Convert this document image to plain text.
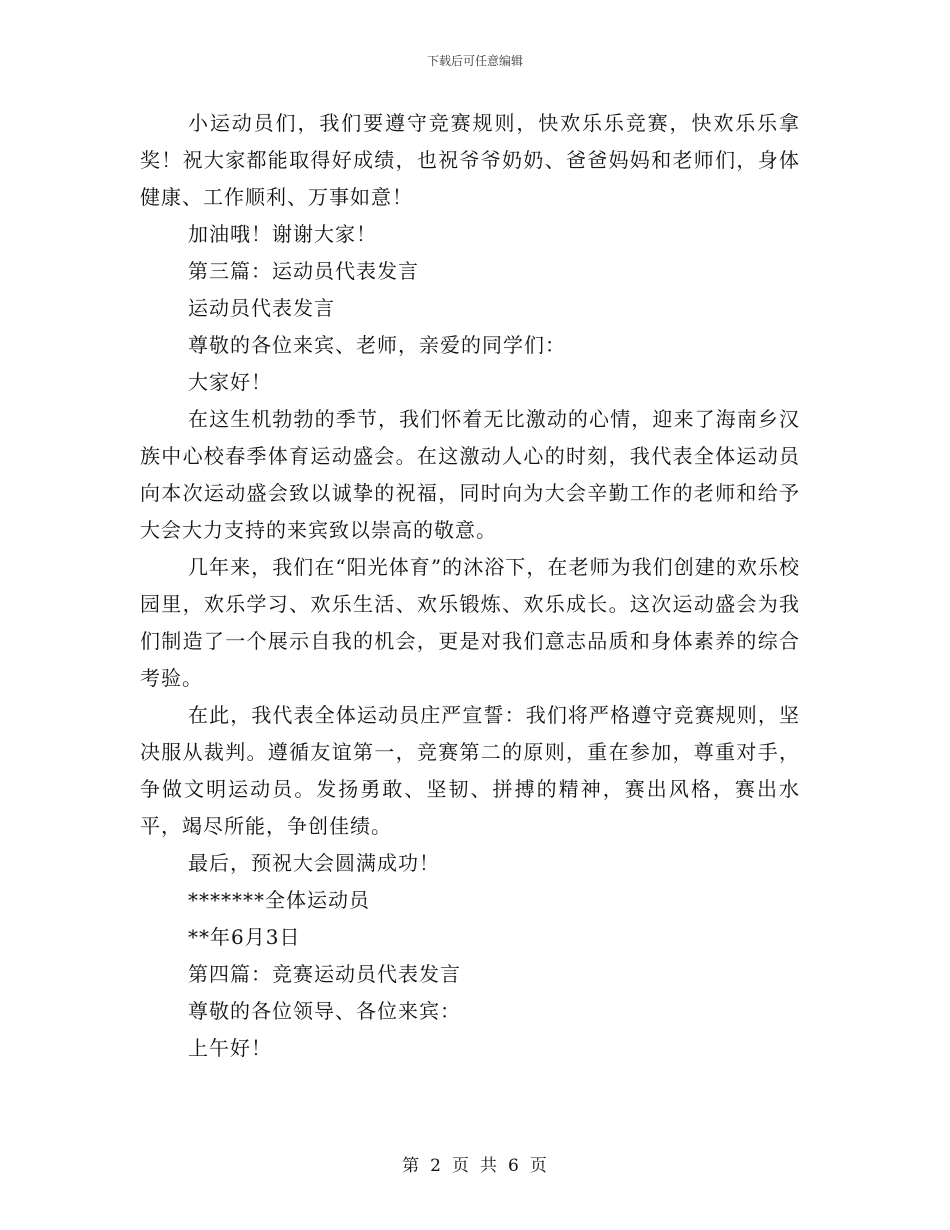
下载后可任意编辑

小运动员们，我们要遵守竞赛规则，快欢乐乐竞赛，快欢乐乐拿奖！祝大家都能取得好成绩，也祝爷爷奶奶、爸爸妈妈和老师们，身体健康、工作顺利、万事如意！

加油哦！谢谢大家！

第三篇：运动员代表发言

运动员代表发言

尊敬的各位来宾、老师，亲爱的同学们：

大家好！

在这生机勃勃的季节，我们怀着无比激动的心情，迎来了海南乡汉族中心校春季体育运动盛会。在这激动人心的时刻，我代表全体运动员向本次运动盛会致以诚挚的祝福，同时向为大会辛勤工作的老师和给予大会大力支持的来宾致以崇高的敬意。

几年来，我们在“阳光体育”的沐浴下，在老师为我们创建的欢乐校园里，欢乐学习、欢乐生活、欢乐锻炼、欢乐成长。这次运动盛会为我们制造了一个展示自我的机会，更是对我们意志品质和身体素养的综合考验。

在此，我代表全体运动员庄严宣誓：我们将严格遵守竞赛规则，坚决服从裁判。遵循友谊第一，竞赛第二的原则，重在参加，尊重对手，争做文明运动员。发扬勇敢、坚韧、拼搏的精神，赛出风格，赛出水平，竭尽所能，争创佳绩。

最后，预祝大会圆满成功！

*******全体运动员

**年6月3日

第四篇：竞赛运动员代表发言

尊敬的各位领导、各位来宾：

上午好！

第 2 页 共 6 页
